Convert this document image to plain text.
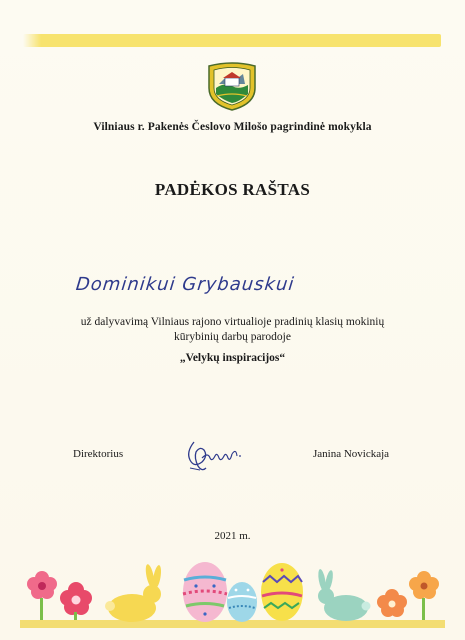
Vilniaus r. Pakenės Česlovo Milošo pagrindinė mokykla
PADĖKOS RAŠTAS
Dominikui Grybauskui
už dalyvavimą Vilniaus rajono virtualioje pradinių klasių mokinių
kūrybinių darbų parodoje
„Velykų inspiracijos“
Direktorius	Janina Novickaja
2021 m.
